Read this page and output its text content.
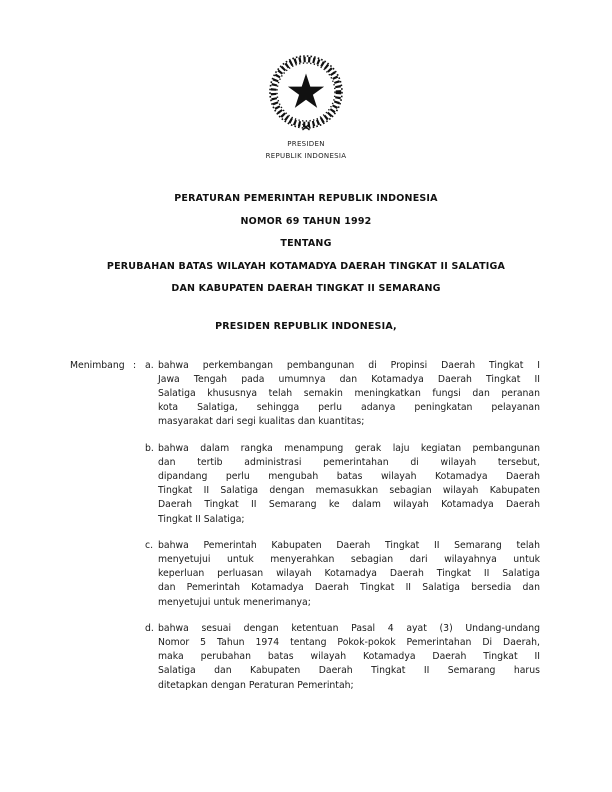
PRESIDEN
REPUBLIK INDONESIA
PERATURAN PEMERINTAH REPUBLIK INDONESIA
NOMOR 69 TAHUN 1992
TENTANG
PERUBAHAN BATAS WILAYAH KOTAMADYA DAERAH TINGKAT II SALATIGA
DAN KABUPATEN DAERAH TINGKAT II SEMARANG
PRESIDEN REPUBLIK INDONESIA,
Menimbang : a. bahwa perkembangan pembangunan di Propinsi Daerah Tingkat I
Jawa Tengah pada umumnya dan Kotamadya Daerah Tingkat II
Salatiga khususnya telah semakin meningkatkan fungsi dan peranan
kota Salatiga, sehingga perlu adanya peningkatan pelayanan
masyarakat dari segi kualitas dan kuantitas;
b. bahwa dalam rangka menampung gerak laju kegiatan pembangunan
dan tertib administrasi pemerintahan di wilayah tersebut,
dipandang perlu mengubah batas wilayah Kotamadya Daerah
Tingkat II Salatiga dengan memasukkan sebagian wilayah Kabupaten
Daerah Tingkat II Semarang ke dalam wilayah Kotamadya Daerah
Tingkat II Salatiga;
c. bahwa Pemerintah Kabupaten Daerah Tingkat II Semarang telah
menyetujui untuk menyerahkan sebagian dari wilayahnya untuk
keperluan perluasan wilayah Kotamadya Daerah Tingkat II Salatiga
dan Pemerintah Kotamadya Daerah Tingkat II Salatiga bersedia dan
menyetujui untuk menerimanya;
d. bahwa sesuai dengan ketentuan Pasal 4 ayat (3) Undang-undang
Nomor 5 Tahun 1974 tentang Pokok-pokok Pemerintahan Di Daerah,
maka perubahan batas wilayah Kotamadya Daerah Tingkat II
Salatiga dan Kabupaten Daerah Tingkat II Semarang harus
ditetapkan dengan Peraturan Pemerintah;
